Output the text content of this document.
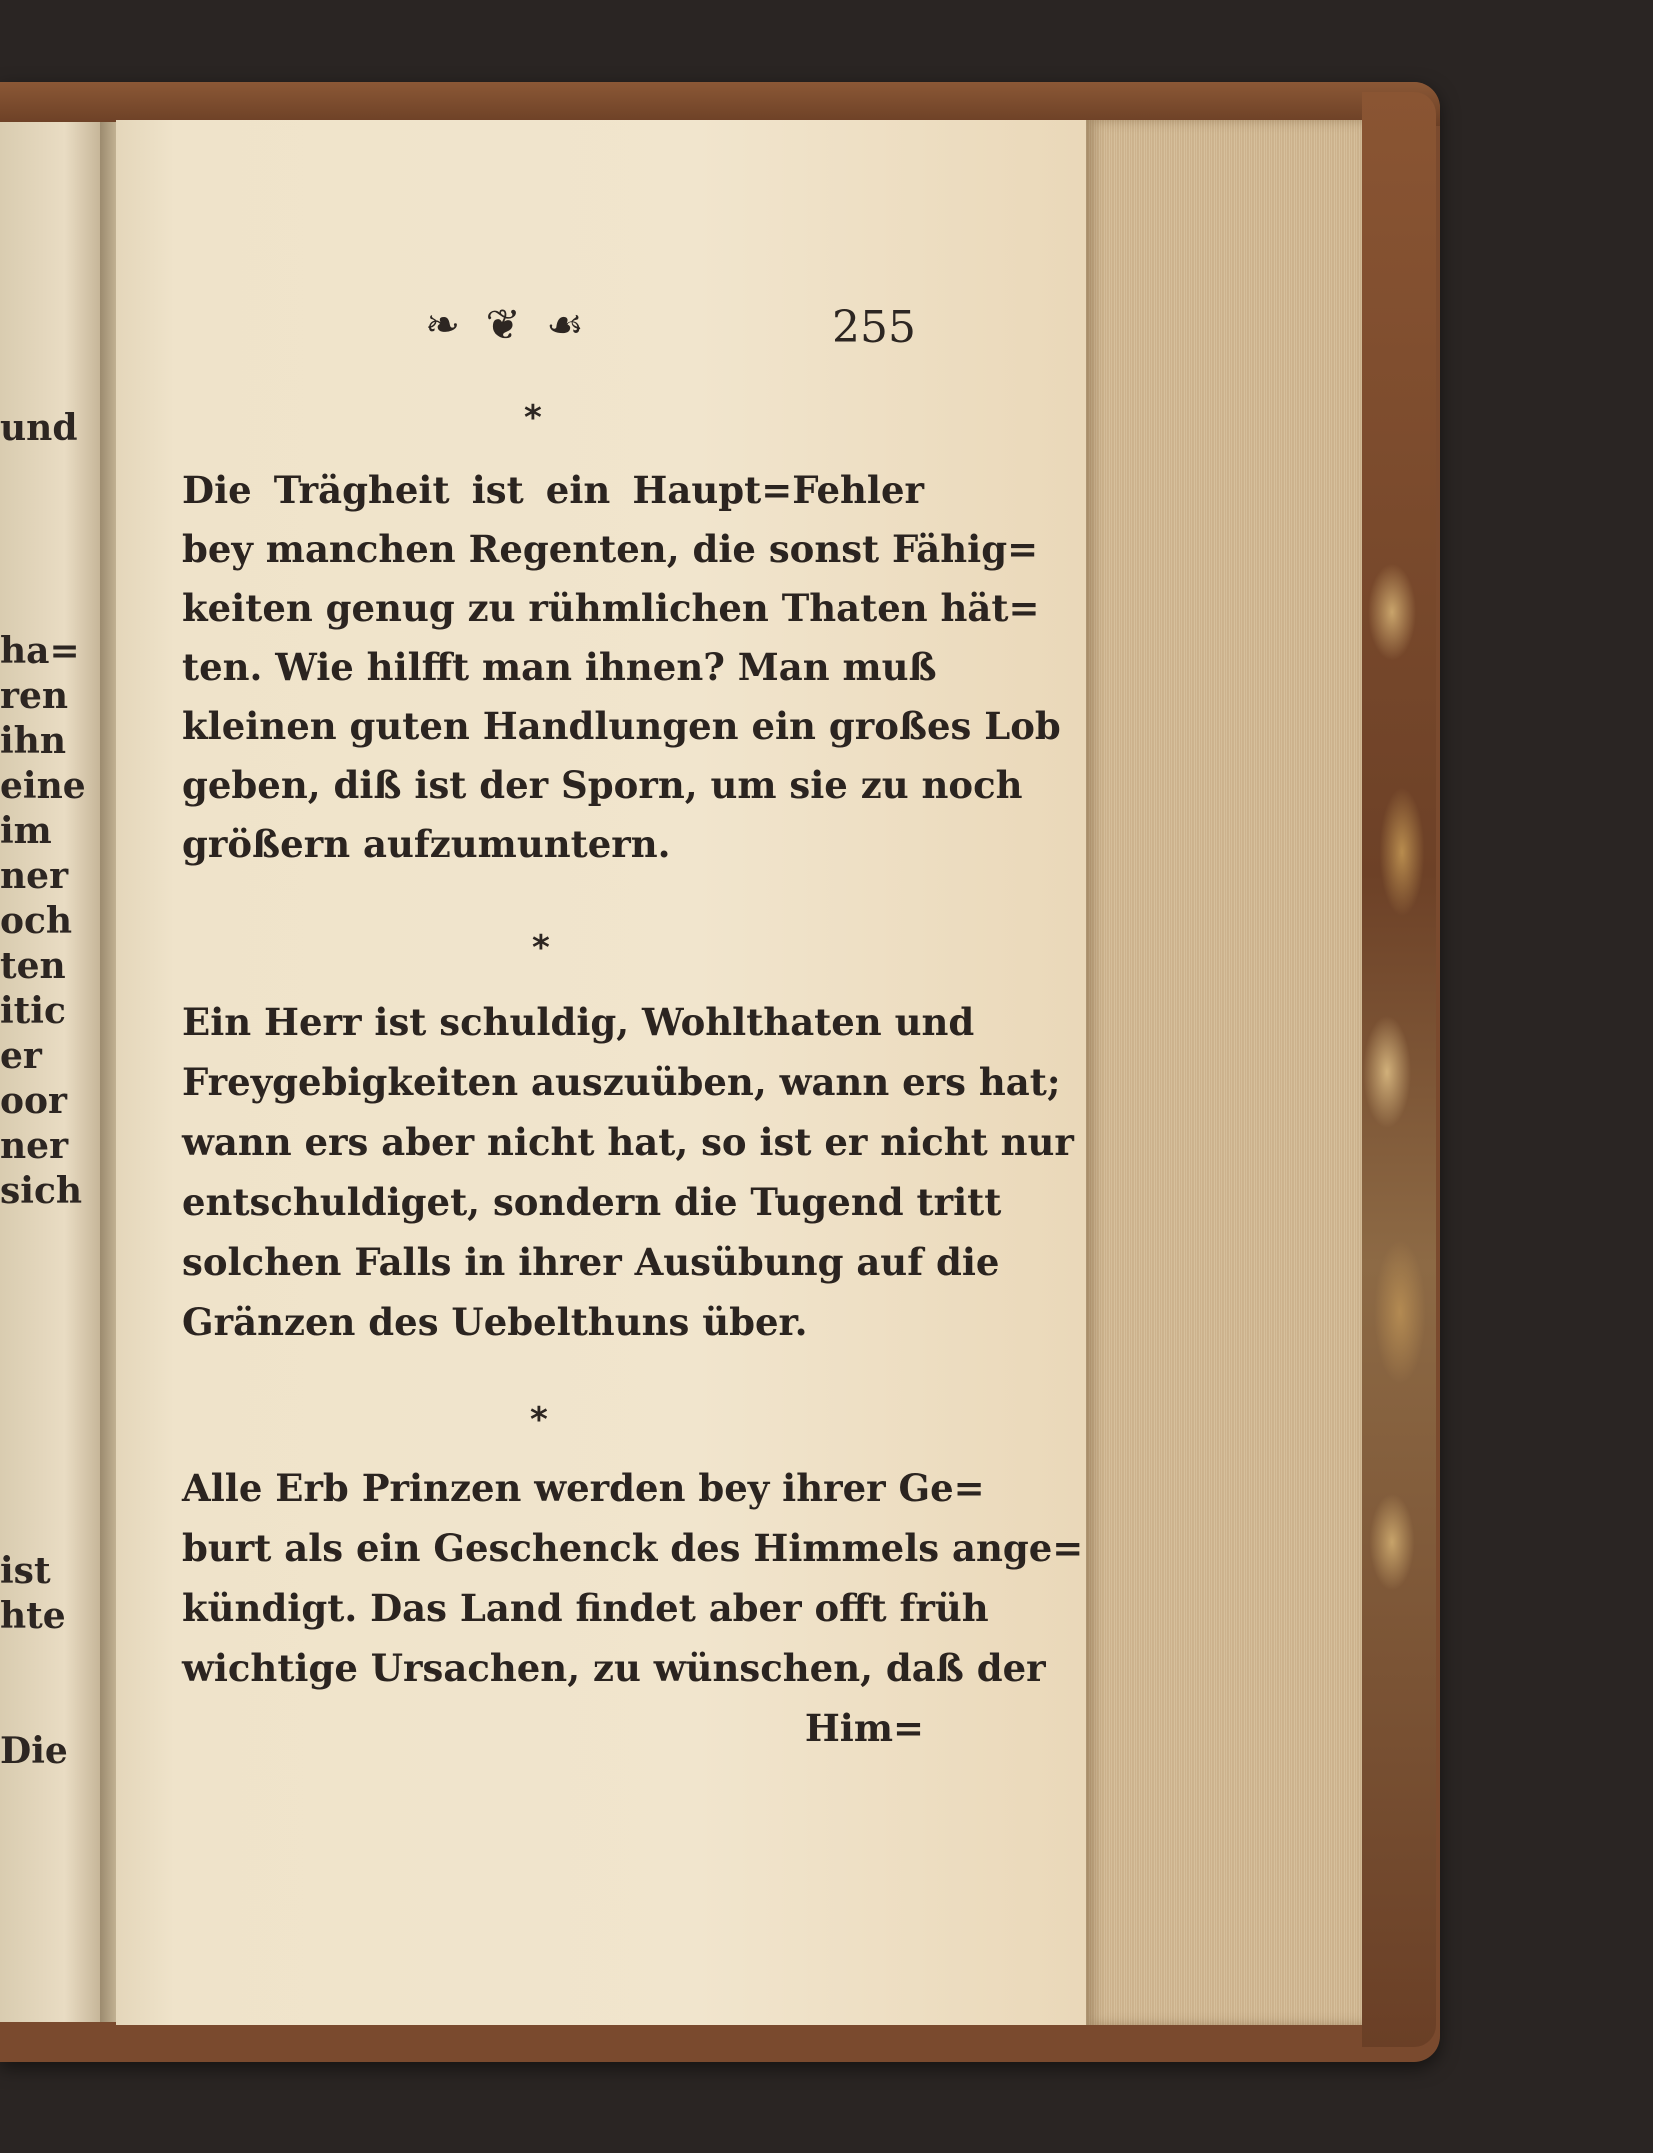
und
ha=
ren
ihn
eine
im
ner
och
ten
itic
er
oor
ner
sich
ist
hte
Die
❧ ❦ ☙	255
*
Die Trägheit ist ein Haupt=Fehler
bey manchen Regenten, die sonst Fähig=
keiten genug zu rühmlichen Thaten hät=
ten. Wie hilfft man ihnen? Man muß
kleinen guten Handlungen ein großes Lob
geben, diß ist der Sporn, um sie zu noch
größern aufzumuntern.
*
Ein Herr ist schuldig, Wohlthaten und
Freygebigkeiten auszuüben, wann ers hat;
wann ers aber nicht hat, so ist er nicht nur
entschuldiget, sondern die Tugend tritt
solchen Falls in ihrer Ausübung auf die
Gränzen des Uebelthuns über.
*
Alle Erb Prinzen werden bey ihrer Ge=
burt als ein Geschenck des Himmels ange=
kündigt. Das Land findet aber offt früh
wichtige Ursachen, zu wünschen, daß der
Him=
